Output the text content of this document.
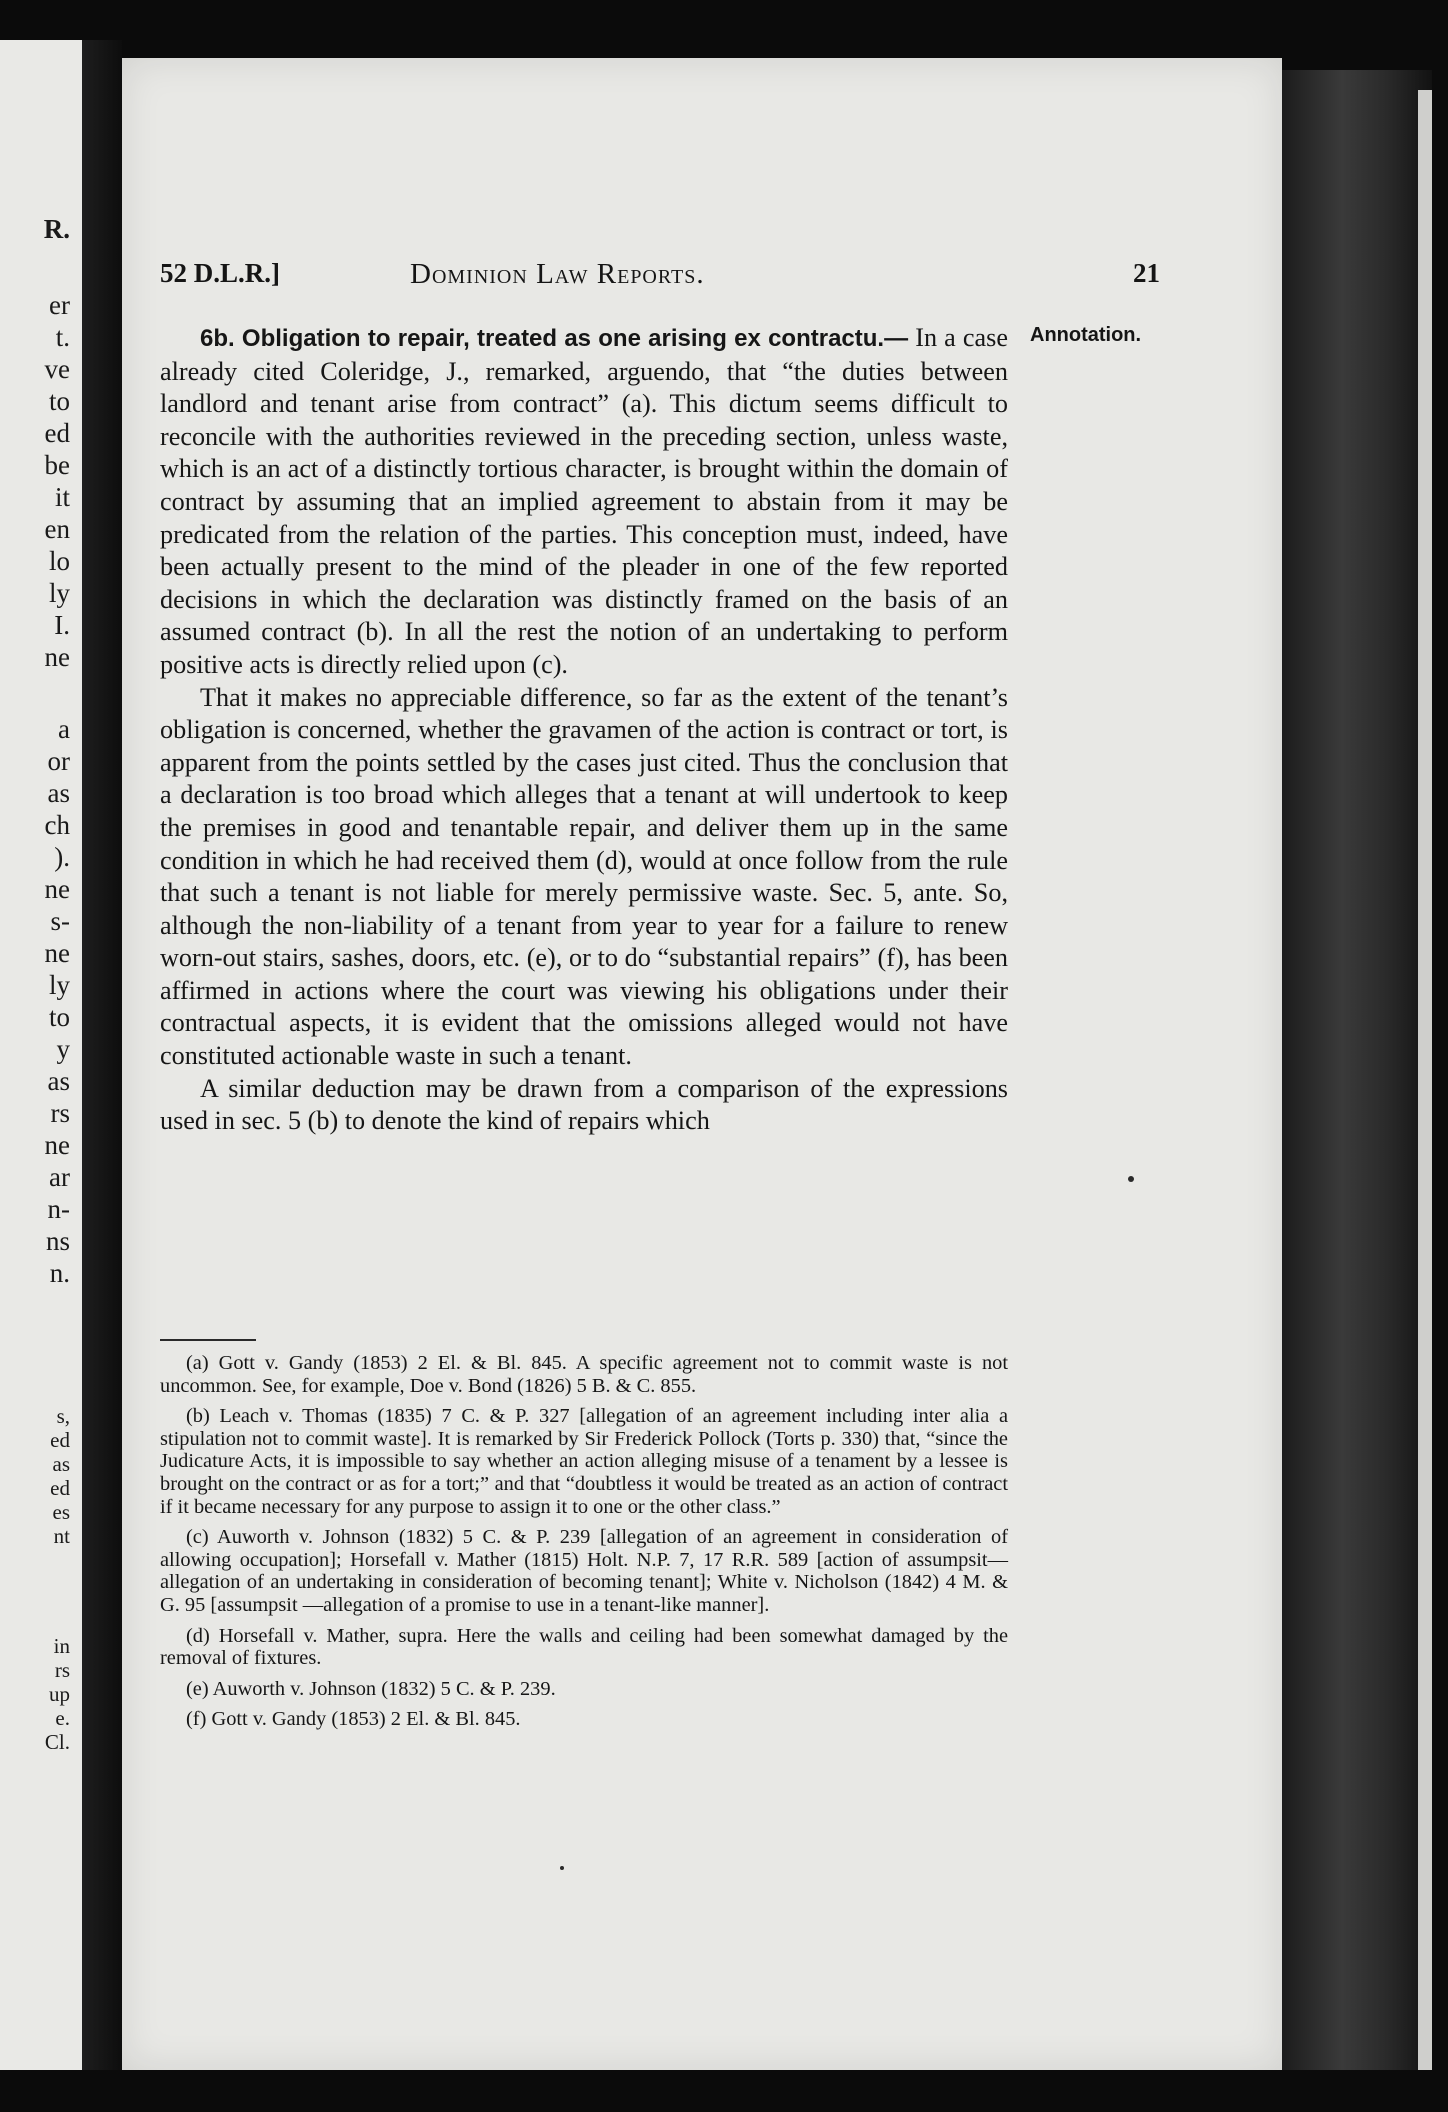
R.
er
t.
ve
to
ed
be
it
en
lo
ly
I.
ne
a
or
as
ch
).
ne
s-
ne
ly
to
y
as
rs
ne
ar
n-
ns
n.
s,
ed
as
ed
es
nt
in
rs
up
e.
Cl.
52 D.L.R.]	Dominion Law Reports.	21
Annotation.

6b. Obligation to repair, treated as one arising ex contractu.— In a case already cited Coleridge, J., remarked, arguendo, that “the duties between landlord and tenant arise from contract” (a). This dictum seems difficult to reconcile with the authorities reviewed in the preceding section, unless waste, which is an act of a distinctly tortious character, is brought within the domain of contract by assuming that an implied agreement to abstain from it may be predicated from the relation of the parties. This conception must, indeed, have been actually present to the mind of the pleader in one of the few reported decisions in which the declaration was distinctly framed on the basis of an assumed contract (b). In all the rest the notion of an undertaking to perform positive acts is directly relied upon (c).

That it makes no appreciable difference, so far as the extent of the tenant’s obligation is concerned, whether the gravamen of the action is contract or tort, is apparent from the points settled by the cases just cited. Thus the conclusion that a declaration is too broad which alleges that a tenant at will undertook to keep the premises in good and tenantable repair, and deliver them up in the same condition in which he had received them (d), would at once follow from the rule that such a tenant is not liable for merely permissive waste. Sec. 5, ante. So, although the non-liability of a tenant from year to year for a failure to renew worn-out stairs, sashes, doors, etc. (e), or to do “substantial repairs” (f), has been affirmed in actions where the court was viewing his obligations under their contractual aspects, it is evident that the omissions alleged would not have constituted actionable waste in such a tenant.

A similar deduction may be drawn from a comparison of the expressions used in sec. 5 (b) to denote the kind of repairs which

(a) Gott v. Gandy (1853) 2 El. & Bl. 845. A specific agreement not to commit waste is not uncommon. See, for example, Doe v. Bond (1826) 5 B. & C. 855.

(b) Leach v. Thomas (1835) 7 C. & P. 327 [allegation of an agreement including inter alia a stipulation not to commit waste]. It is remarked by Sir Frederick Pollock (Torts p. 330) that, “since the Judicature Acts, it is impossible to say whether an action alleging misuse of a tenament by a lessee is brought on the contract or as for a tort;” and that “doubtless it would be treated as an action of contract if it became necessary for any purpose to assign it to one or the other class.”

(c) Auworth v. Johnson (1832) 5 C. & P. 239 [allegation of an agreement in consideration of allowing occupation]; Horsefall v. Mather (1815) Holt. N.P. 7, 17 R.R. 589 [action of assumpsit—allegation of an undertaking in consideration of becoming tenant]; White v. Nicholson (1842) 4 M. & G. 95 [assumpsit —allegation of a promise to use in a tenant-like manner].

(d) Horsefall v. Mather, supra. Here the walls and ceiling had been somewhat damaged by the removal of fixtures.

(e) Auworth v. Johnson (1832) 5 C. & P. 239.

(f) Gott v. Gandy (1853) 2 El. & Bl. 845.
